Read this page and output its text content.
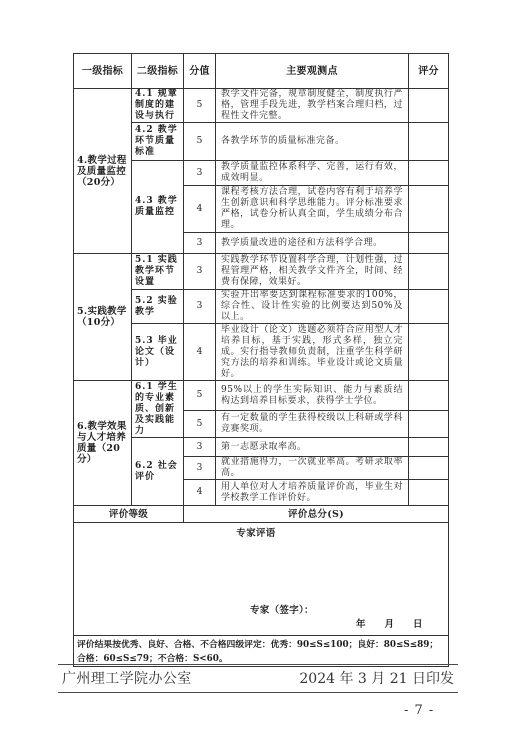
一级指标	二级指标	分值	主要观测点	评分
4.教学过程及质量监控（20分）	4.1 规章制度的建设与执行	5	教学文件完备，规章制度健全，制度执行严格，管理手段先进，教学档案合理归档，过程性文件完整。	
	4.2 教学环节质量标准	5	各教学环节的质量标准完备。	
	4.3 教学质量监控	3	教学质量监控体系科学、完善，运行有效，成效明显。	
		4	课程考核方法合理，试卷内容有利于培养学生创新意识和科学思维能力。评分标准要求严格，试卷分析认真全面，学生成绩分布合理。	
		3	教学质量改进的途径和方法科学合理。	
5.实践教学（10分）	5.1 实践教学环节设置	3	实践教学环节设置科学合理，计划性强，过程管理严格，相关教学文件齐全，时间、经费有保障，效果好。	
	5.2 实验教学	3	实验开出率要达到课程标准要求的100%，综合性、设计性实验的比例要达到50%及以上。	
	5.3 毕业论文（设计）	4	毕业设计（论文）选题必须符合应用型人才培养目标，基于实践，形式多样，独立完成。实行指导教师负责制，注重学生科学研究方法的培养和训练。毕业设计或论文质量好。	
6.教学效果与人才培养质量（20分）	6.1 学生的专业素质、创新及实践能力	5	95%以上的学生实际知识、能力与素质结构达到培养目标要求，获得学士学位。	
		5	有一定数量的学生获得校级以上科研或学科竞赛奖项。	
	6.2 社会评价	3	第一志愿录取率高。	
		3	就业措施得力，一次就业率高。考研录取率高。	
		4	用人单位对人才培养质量评价高，毕业生对学校教学工作评价好。	
评价等级		评价总分(S)		

专家评语
专家（签字）：
年　　月　　日				

评价结果按优秀、良好、合格、不合格四级评定：优秀：90≤S≤100；良好：80≤S≤89；合格：60≤S≤79；不合格：S<60。				
广州理工学院办公室	2024 年 3 月 21 日印发
- 7 -
